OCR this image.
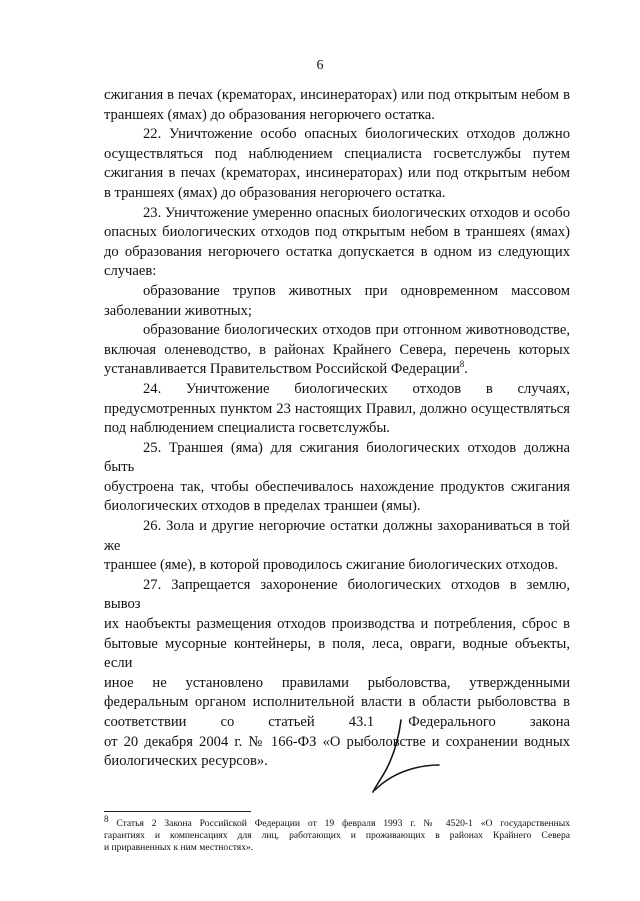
6

сжигания в печах (крематорах, инсинераторах) или под открытым небом в
траншеях (ямах) до образования негорючего остатка.

22. Уничтожение особо опасных биологических отходов должно
осуществляться под наблюдением специалиста госветслужбы путем
сжигания в печах (крематорах, инсинераторах) или под открытым небом
в траншеях (ямах) до образования негорючего остатка.

23. Уничтожение умеренно опасных биологических отходов и особо
опасных биологических отходов под открытым небом в траншеях (ямах)
до образования негорючего остатка допускается в одном из следующих
случаев:

образование трупов животных при одновременном массовом
заболевании животных;

образование биологических отходов при отгонном животноводстве,
включая оленеводство, в районах Крайнего Севера, перечень которых
устанавливается Правительством Российской Федерации$^8$.

24. Уничтожение биологических отходов в случаях,
предусмотренных пунктом 23 настоящих Правил, должно осуществляться
под наблюдением специалиста госветслужбы.

25. Траншея (яма) для сжигания биологических отходов должна быть
обустроена так, чтобы обеспечивалось нахождение продуктов сжигания
биологических отходов в пределах траншеи (ямы).

26. Зола и другие негорючие остатки должны захораниваться в той же
траншее (яме), в которой проводилось сжигание биологических отходов.

27. Запрещается захоронение биологических отходов в землю, вывоз
их наобъекты размещения отходов производства и потребления, сброс в
бытовые мусорные контейнеры, в поля, леса, овраги, водные объекты, если
иное не установлено правилами рыболовства, утвержденными
федеральным органом исполнительной власти в области рыболовства в
соответствии со статьей 43.1 Федерального закона
от 20 декабря 2004 г. № 166-ФЗ «О рыболовстве и сохранении водных
биологических ресурсов».

$^8$ Статья 2 Закона Российской Федерации от 19 февраля 1993 г. № 4520-1 «О государственных
гарантиях и компенсациях для лиц, работающих и проживающих в районах Крайнего Севера
и приравненных к ним местностях».
